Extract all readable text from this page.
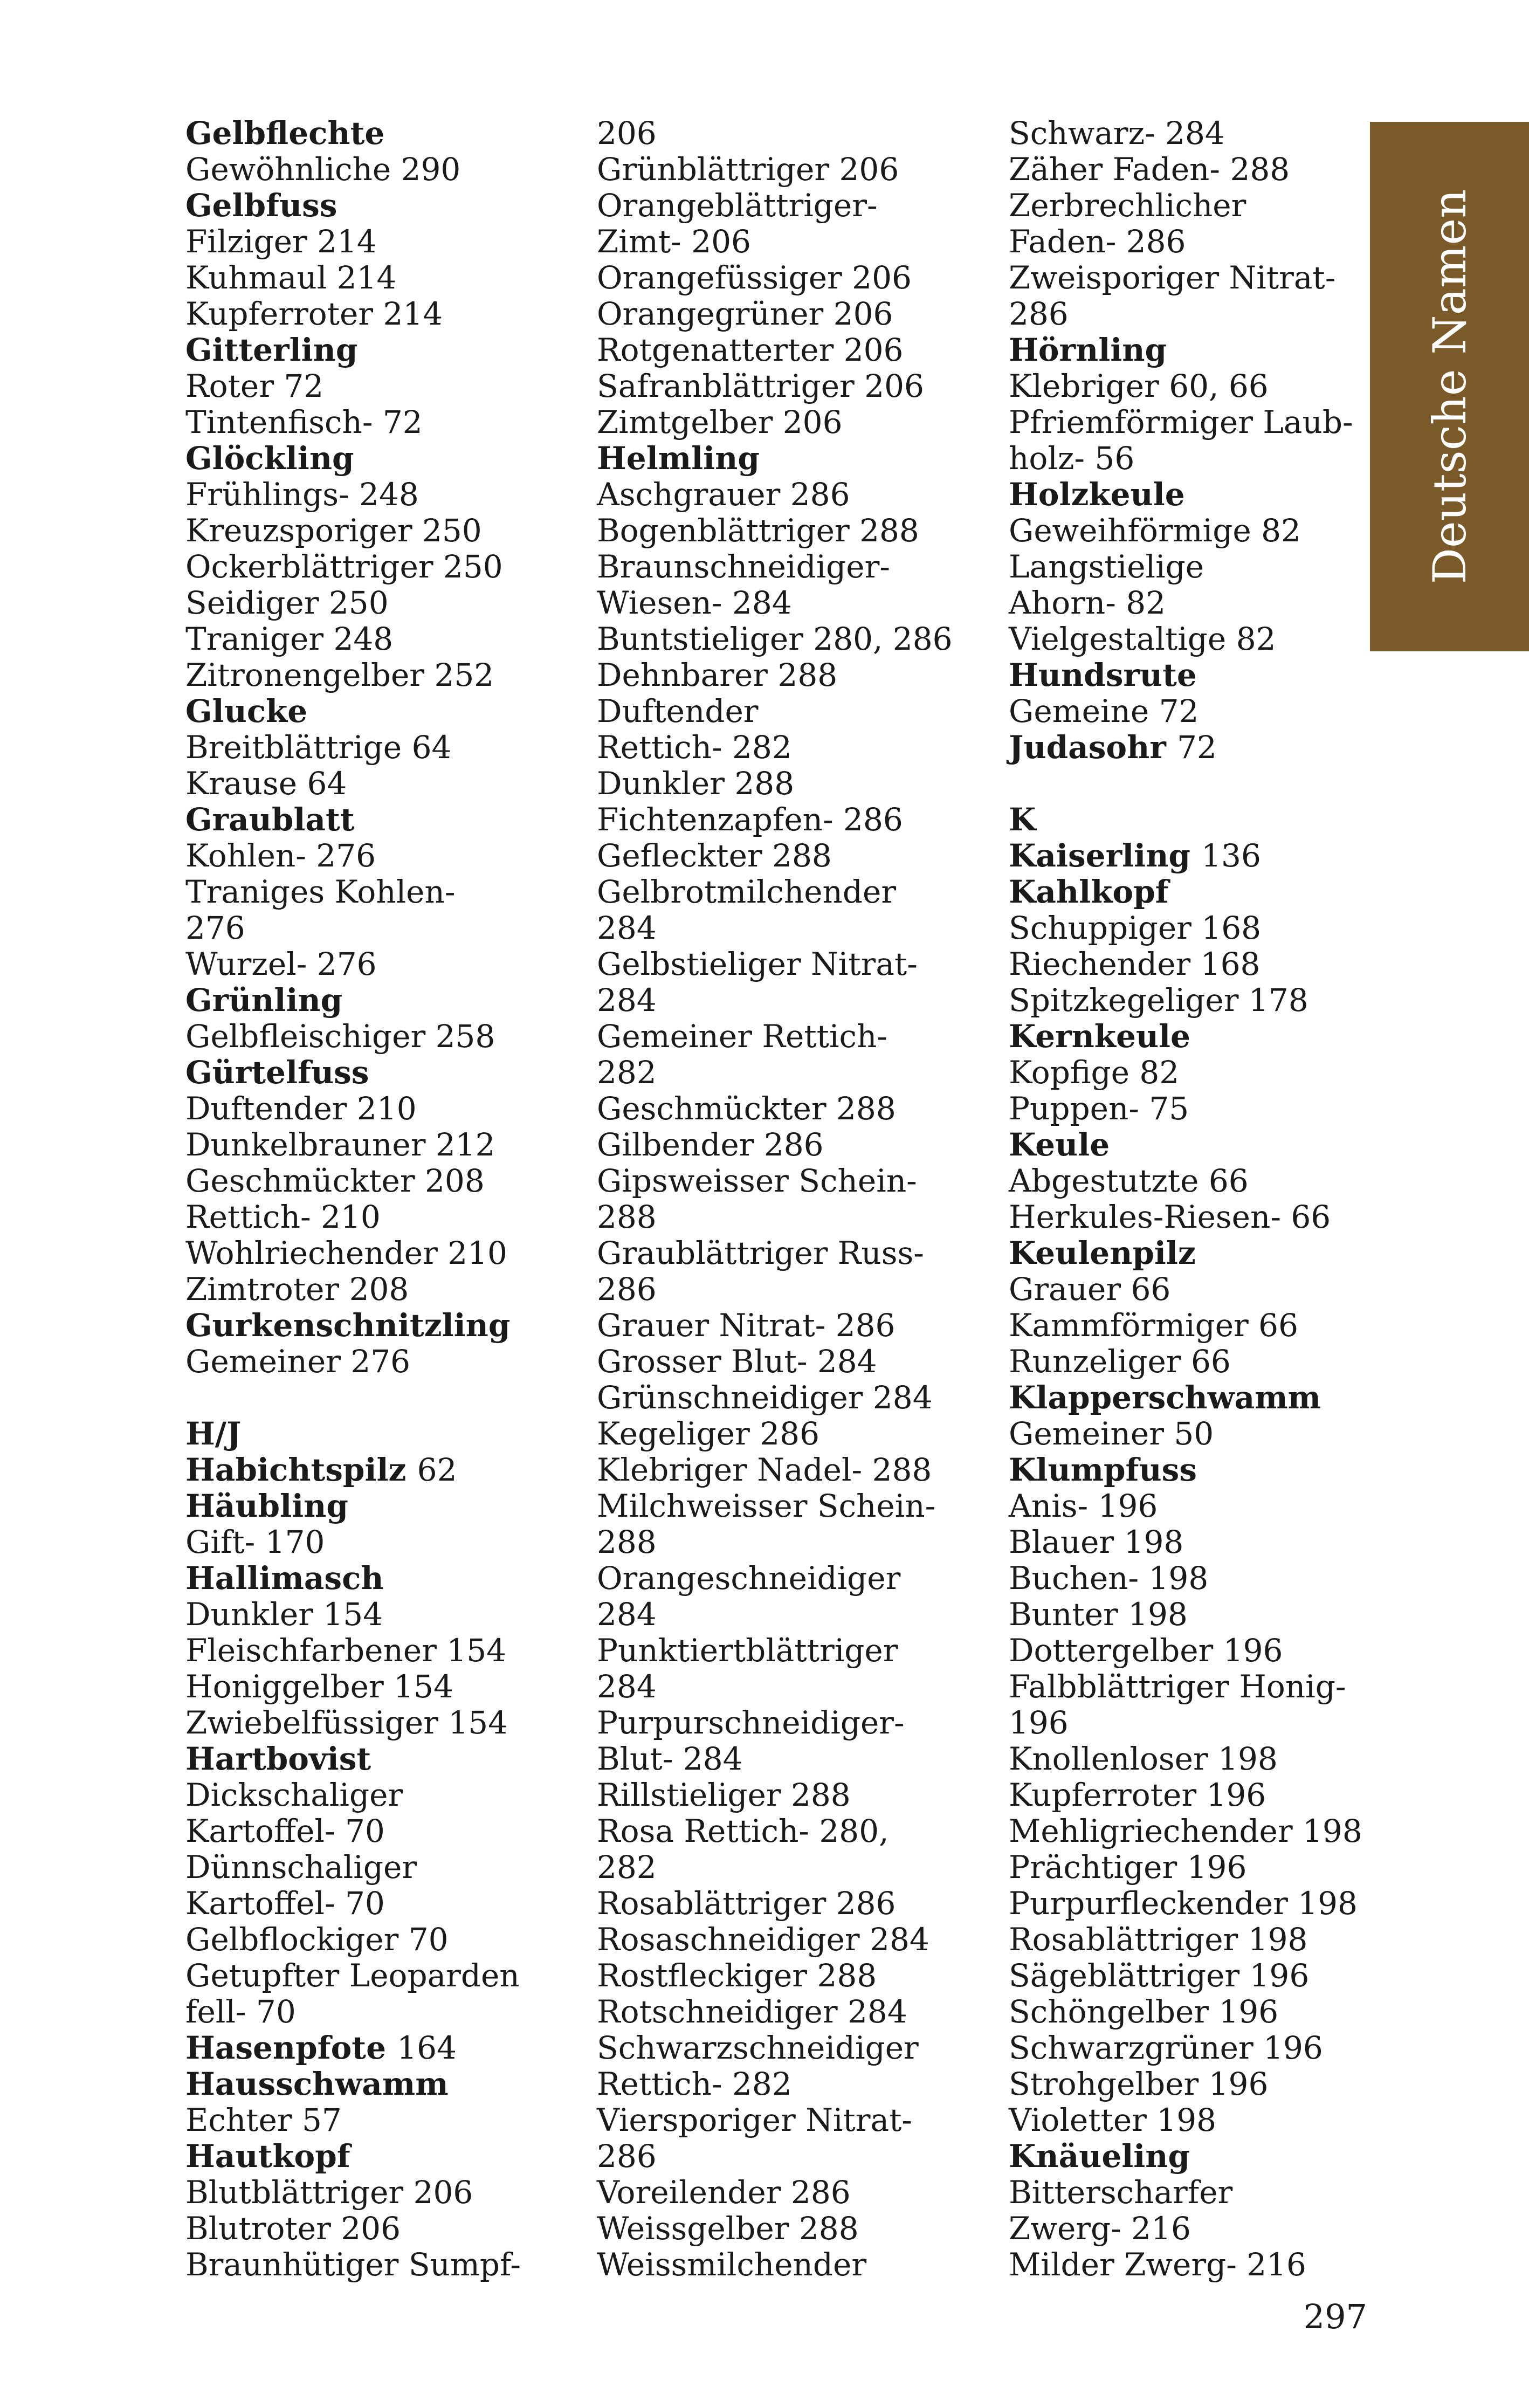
Gelbflechte
Gewöhnliche 290
Gelbfuss
Filziger 214
Kuhmaul 214
Kupferroter 214
Gitterling
Roter 72
Tintenfisch- 72
Glöckling
Frühlings- 248
Kreuzsporiger 250
Ockerblättriger 250
Seidiger 250
Traniger 248
Zitronengelber 252
Glucke
Breitblättrige 64
Krause 64
Graublatt
Kohlen- 276
Traniges Kohlen-
276
Wurzel- 276
Grünling
Gelbfleischiger 258
Gürtelfuss
Duftender 210
Dunkelbrauner 212
Geschmückter 208
Rettich- 210
Wohlriechender 210
Zimtroter 208
Gurkenschnitzling
Gemeiner 276
H/J
Habichtspilz 62
Häubling
Gift- 170
Hallimasch
Dunkler 154
Fleischfarbener 154
Honiggelber 154
Zwiebelfüssiger 154
Hartbovist
Dickschaliger
Kartoffel- 70
Dünnschaliger
Kartoffel- 70
Gelbflockiger 70
Getupfter Leoparden
fell- 70
Hasenpfote 164
Hausschwamm
Echter 57
Hautkopf
Blutblättriger 206
Blutroter 206
Braunhütiger Sumpf-
206
Grünblättriger 206
Orangeblättriger-
Zimt- 206
Orangefüssiger 206
Orangegrüner 206
Rotgenatterter 206
Safranblättriger 206
Zimtgelber 206
Helmling
Aschgrauer 286
Bogenblättriger 288
Braunschneidiger-
Wiesen- 284
Buntstieliger 280, 286
Dehnbarer 288
Duftender
Rettich- 282
Dunkler 288
Fichtenzapfen- 286
Gefleckter 288
Gelbrotmilchender
284
Gelbstieliger Nitrat-
284
Gemeiner Rettich-
282
Geschmückter 288
Gilbender 286
Gipsweisser Schein-
288
Graublättriger Russ-
286
Grauer Nitrat- 286
Grosser Blut- 284
Grünschneidiger 284
Kegeliger 286
Klebriger Nadel- 288
Milchweisser Schein-
288
Orangeschneidiger
284
Punktiertblättriger
284
Purpurschneidiger-
Blut- 284
Rillstieliger 288
Rosa Rettich- 280,
282
Rosablättriger 286
Rosaschneidiger 284
Rostfleckiger 288
Rotschneidiger 284
Schwarzschneidiger
Rettich- 282
Viersporiger Nitrat-
286
Voreilender 286
Weissgelber 288
Weissmilchender
Schwarz- 284
Zäher Faden- 288
Zerbrechlicher
Faden- 286
Zweisporiger Nitrat-
286
Hörnling
Klebriger 60, 66
Pfriemförmiger Laub-
holz- 56
Holzkeule
Geweihförmige 82
Langstielige
Ahorn- 82
Vielgestaltige 82
Hundsrute
Gemeine 72
Judasohr 72
K
Kaiserling 136
Kahlkopf
Schuppiger 168
Riechender 168
Spitzkegeliger 178
Kernkeule
Kopfige 82
Puppen- 75
Keule
Abgestutzte 66
Herkules-Riesen- 66
Keulenpilz
Grauer 66
Kammförmiger 66
Runzeliger 66
Klapperschwamm
Gemeiner 50
Klumpfuss
Anis- 196
Blauer 198
Buchen- 198
Bunter 198
Dottergelber 196
Falbblättriger Honig-
196
Knollenloser 198
Kupferroter 196
Mehligriechender 198
Prächtiger 196
Purpurfleckender 198
Rosablättriger 198
Sägeblättriger 196
Schöngelber 196
Schwarzgrüner 196
Strohgelber 196
Violetter 198
Knäueling
Bitterscharfer
Zwerg- 216
Milder Zwerg- 216
Deutsche Namen
297
